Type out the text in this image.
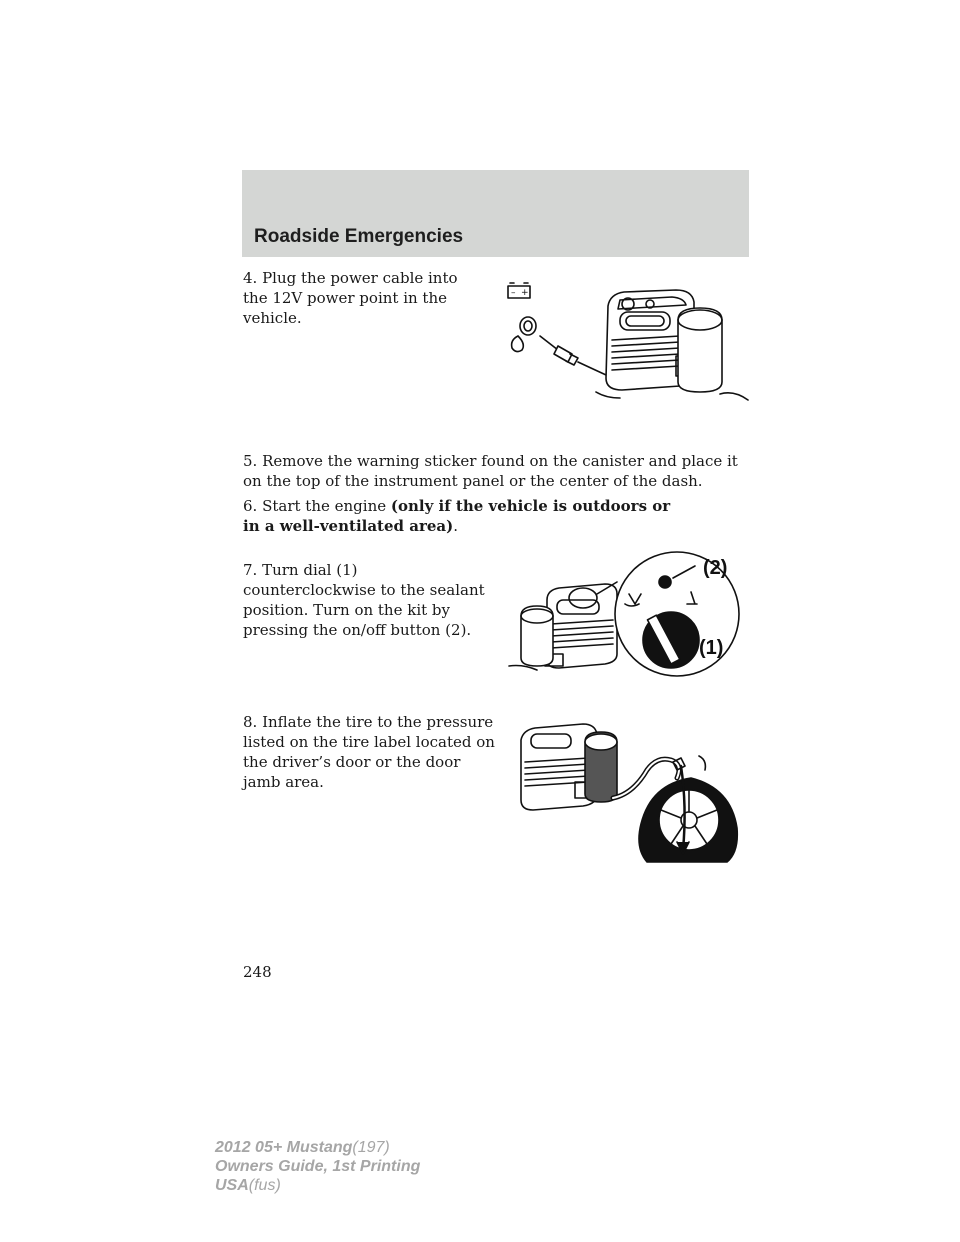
Roadside Emergencies
4. Plug the power cable into the 12V power point in the vehicle.
– +
5. Remove the warning sticker found on the canister and place it on the top of the instrument panel or the center of the dash.
6. Start the engine (only if the vehicle is outdoors or in a well-ventilated area).
7. Turn dial (1) counterclockwise to the sealant position. Turn on the kit by pressing the on/off button (2).
(2)
(1)
8. Inflate the tire to the pressure listed on the tire label located on the driver’s door or the door jamb area.
248
2012 05+ Mustang(197)
Owners Guide, 1st Printing
USA(fus)
